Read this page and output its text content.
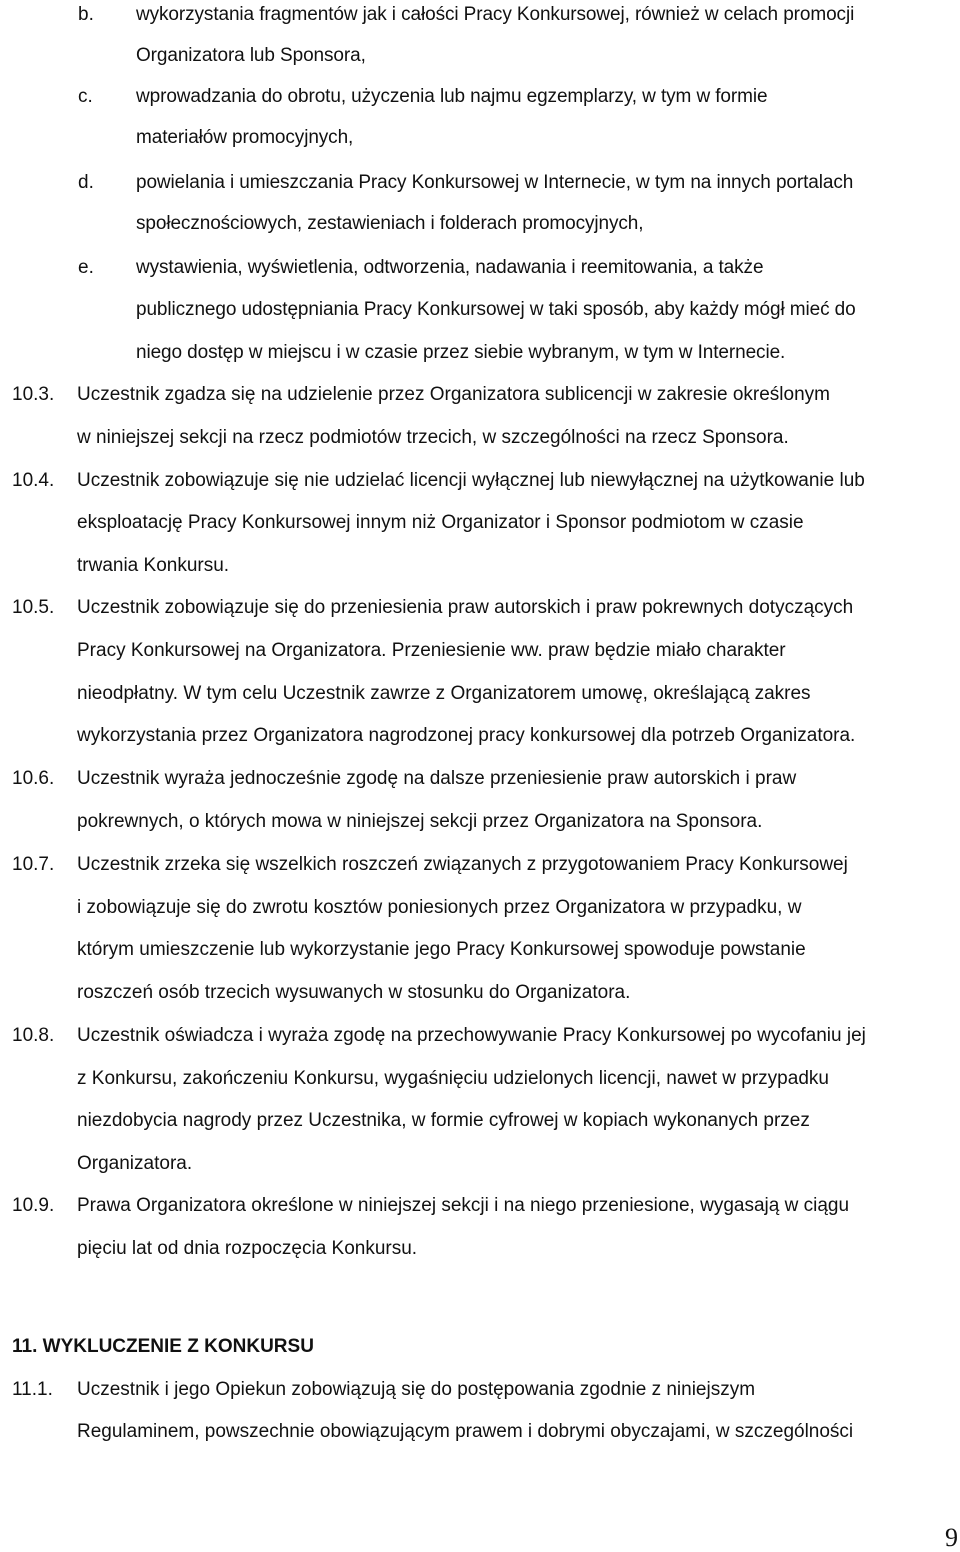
b. wykorzystania fragmentów jak i całości Pracy Konkursowej, również w celach promocji
Organizatora lub Sponsora,
c. wprowadzania do obrotu, użyczenia lub najmu egzemplarzy, w tym w formie
materiałów promocyjnych,
d. powielania i umieszczania Pracy Konkursowej w Internecie, w tym na innych portalach
społecznościowych, zestawieniach i folderach promocyjnych,
e. wystawienia, wyświetlenia, odtworzenia, nadawania i reemitowania, a także
publicznego udostępniania Pracy Konkursowej w taki sposób, aby każdy mógł mieć do
niego dostęp w miejscu i w czasie przez siebie wybranym, w tym w Internecie.
10.3. Uczestnik zgadza się na udzielenie przez Organizatora sublicencji w zakresie określonym
w niniejszej sekcji na rzecz podmiotów trzecich, w szczególności na rzecz Sponsora.
10.4. Uczestnik zobowiązuje się nie udzielać licencji wyłącznej lub niewyłącznej na użytkowanie lub
eksploatację Pracy Konkursowej innym niż Organizator i Sponsor podmiotom w czasie
trwania Konkursu.
10.5. Uczestnik zobowiązuje się do przeniesienia praw autorskich i praw pokrewnych dotyczących
Pracy Konkursowej na Organizatora. Przeniesienie ww. praw będzie miało charakter
nieodpłatny. W tym celu Uczestnik zawrze z Organizatorem umowę, określającą zakres
wykorzystania przez Organizatora nagrodzonej pracy konkursowej dla potrzeb Organizatora.
10.6. Uczestnik wyraża jednocześnie zgodę na dalsze przeniesienie praw autorskich i praw
pokrewnych, o których mowa w niniejszej sekcji przez Organizatora na Sponsora.
10.7. Uczestnik zrzeka się wszelkich roszczeń związanych z przygotowaniem Pracy Konkursowej
i zobowiązuje się do zwrotu kosztów poniesionych przez Organizatora w przypadku, w
którym umieszczenie lub wykorzystanie jego Pracy Konkursowej spowoduje powstanie
roszczeń osób trzecich wysuwanych w stosunku do Organizatora.
10.8. Uczestnik oświadcza i wyraża zgodę na przechowywanie Pracy Konkursowej po wycofaniu jej
z Konkursu, zakończeniu Konkursu, wygaśnięciu udzielonych licencji, nawet w przypadku
niezdobycia nagrody przez Uczestnika, w formie cyfrowej w kopiach wykonanych przez
Organizatora.
10.9. Prawa Organizatora określone w niniejszej sekcji i na niego przeniesione, wygasają w ciągu
pięciu lat od dnia rozpoczęcia Konkursu.
11. WYKLUCZENIE Z KONKURSU
11.1. Uczestnik i jego Opiekun zobowiązują się do postępowania zgodnie z niniejszym
Regulaminem, powszechnie obowiązującym prawem i dobrymi obyczajami, w szczególności
9
